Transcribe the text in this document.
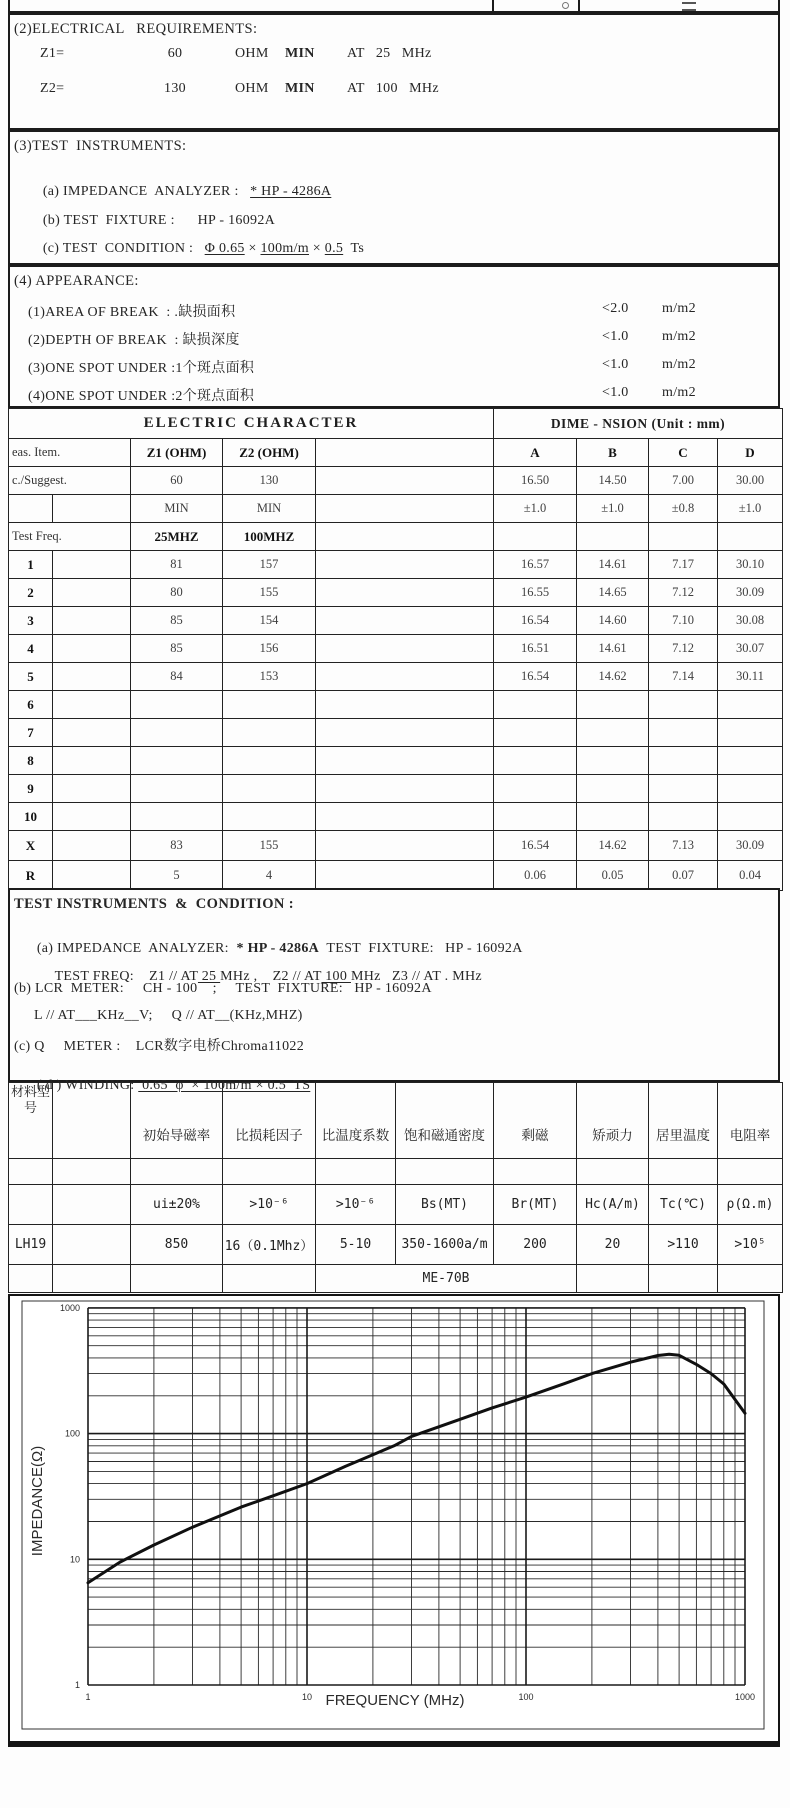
(2)ELECTRICAL   REQUIREMENTS:
Z1=	60	OHM MIN AT   25   MHz
Z2=	130	OHM MIN AT   100   MHz
(3)TEST  INSTRUMENTS:

(a) IMPEDANCE  ANALYZER : * HP - 4286A

(b) TEST  FIXTURE : HP - 16092A

(c) TEST  CONDITION : Φ 0.65 × 100m/m × 0.5  Ts

(4) APPEARANCE:
(1)AREA OF BREAK  : .缺损面积	<2.0 m/m2
(2)DEPTH OF BREAK  : 缺损深度	<1.0 m/m2
(3)ONE SPOT UNDER :1个斑点面积	<1.0 m/m2
(4)ONE SPOT UNDER :2个斑点面积	<1.0 m/m2
ELECTRIC CHARACTER					DIME - NSION (Unit : mm)			
eas. Item.		Z1 (OHM)	Z2 (OHM)		A	B	C	D
c./Suggest.		60	130		16.50	14.50	7.00	30.00
		MIN	MIN		±1.0	±1.0	±0.8	±1.0
Test Freq.		25MHZ	100MHZ					
1		81	157		16.57	14.61	7.17	30.10
2		80	155		16.55	14.65	7.12	30.09
3		85	154		16.54	14.60	7.10	30.08
4		85	156		16.51	14.61	7.12	30.07
5		84	153		16.54	14.62	7.14	30.11
6								
7								
8								
9								
10								
X		83	155		16.54	14.62	7.13	30.09
R		5	4		0.06	0.05	0.07	0.04
TEST INSTRUMENTS  &  CONDITION :

(a) IMPEDANCE  ANALYZER:  * HP - 4286A  TEST  FIXTURE:   HP - 16092A

TEST FREQ:    Z1 // AT 25 MHz ,    Z2 // AT 100 MHz   Z3 // AT . MHz

(b) LCR  METER:     CH - 100    ;     TEST  FIXTURE:   HP - 16092A
L // AT___KHz__V;     Q // AT__(KHz,MHZ)
(c) Q     METER :    LCR数字电桥Chroma11022

( d ) WINDING:  0.65  φ  × 100m/m × 0.5  TS

材料型号		初始导磁率	比损耗因子	比温度系数	饱和磁通密度	剩磁	矫顽力	居里温度	电阻率

		ui±20%	>10⁻⁶	>10⁻⁶	Bs(MT)	Br(MT)	Hc(A/m)	Tc(℃)	ρ(Ω.m)
LH19		850	16（0.1Mhz）	5-10	350-1600a/m	200	20	>110	>10⁵
				ME-70B					
1000
100
10
1
1	10	100	1000
FREQUENCY (MHz)
IMPEDANCE(Ω)
